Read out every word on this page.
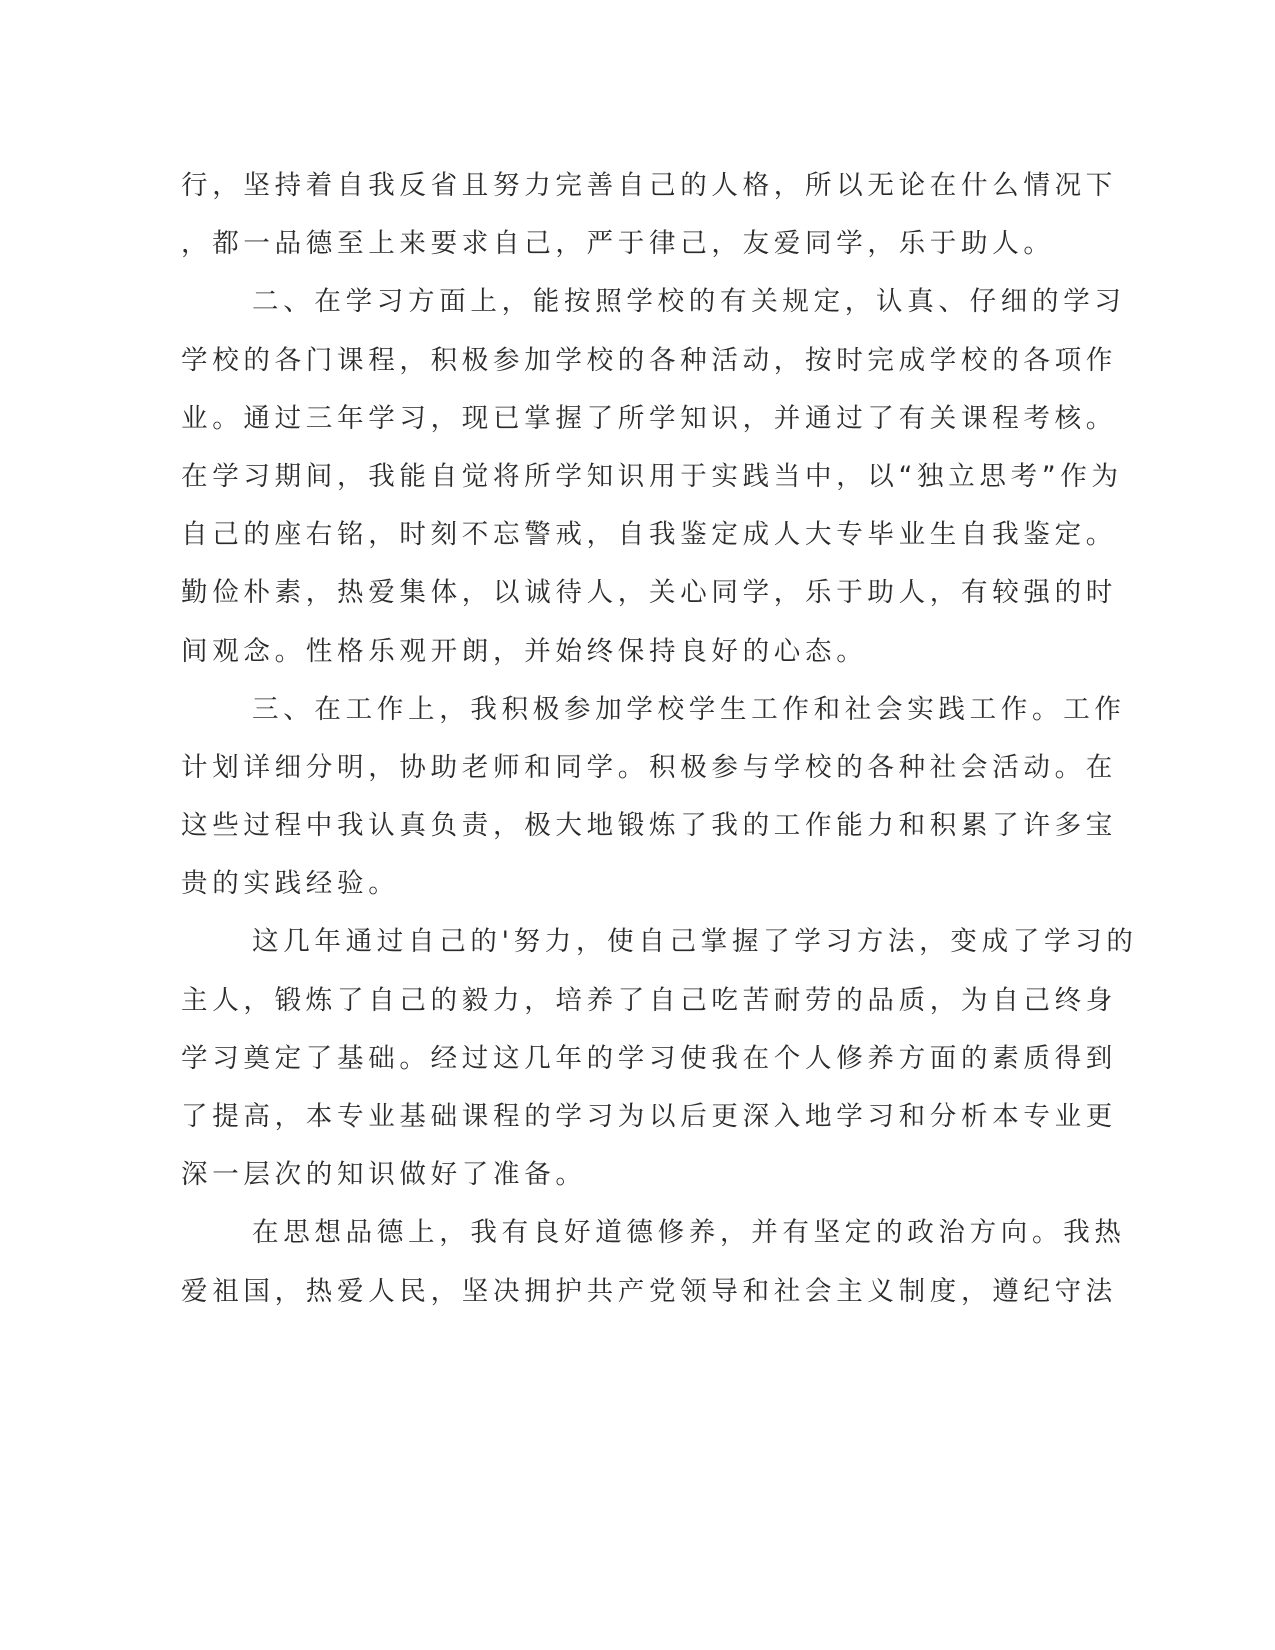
行，坚持着自我反省且努力完善自己的人格，所以无论在什么情况下
，都一品德至上来要求自己，严于律己，友爱同学，乐于助人。
二、在学习方面上，能按照学校的有关规定，认真、仔细的学习
学校的各门课程，积极参加学校的各种活动，按时完成学校的各项作
业。通过三年学习，现已掌握了所学知识，并通过了有关课程考核。
在学习期间，我能自觉将所学知识用于实践当中，以“独立思考”作为
自己的座右铭，时刻不忘警戒，自我鉴定成人大专毕业生自我鉴定。
勤俭朴素，热爱集体，以诚待人，关心同学，乐于助人，有较强的时
间观念。性格乐观开朗，并始终保持良好的心态。
三、在工作上，我积极参加学校学生工作和社会实践工作。工作
计划详细分明，协助老师和同学。积极参与学校的各种社会活动。在
这些过程中我认真负责，极大地锻炼了我的工作能力和积累了许多宝
贵的实践经验。
这几年通过自己的'努力，使自己掌握了学习方法，变成了学习的
主人，锻炼了自己的毅力，培养了自己吃苦耐劳的品质，为自己终身
学习奠定了基础。经过这几年的学习使我在个人修养方面的素质得到
了提高，本专业基础课程的学习为以后更深入地学习和分析本专业更
深一层次的知识做好了准备。
在思想品德上，我有良好道德修养，并有坚定的政治方向。我热
爱祖国，热爱人民，坚决拥护共产党领导和社会主义制度，遵纪守法
